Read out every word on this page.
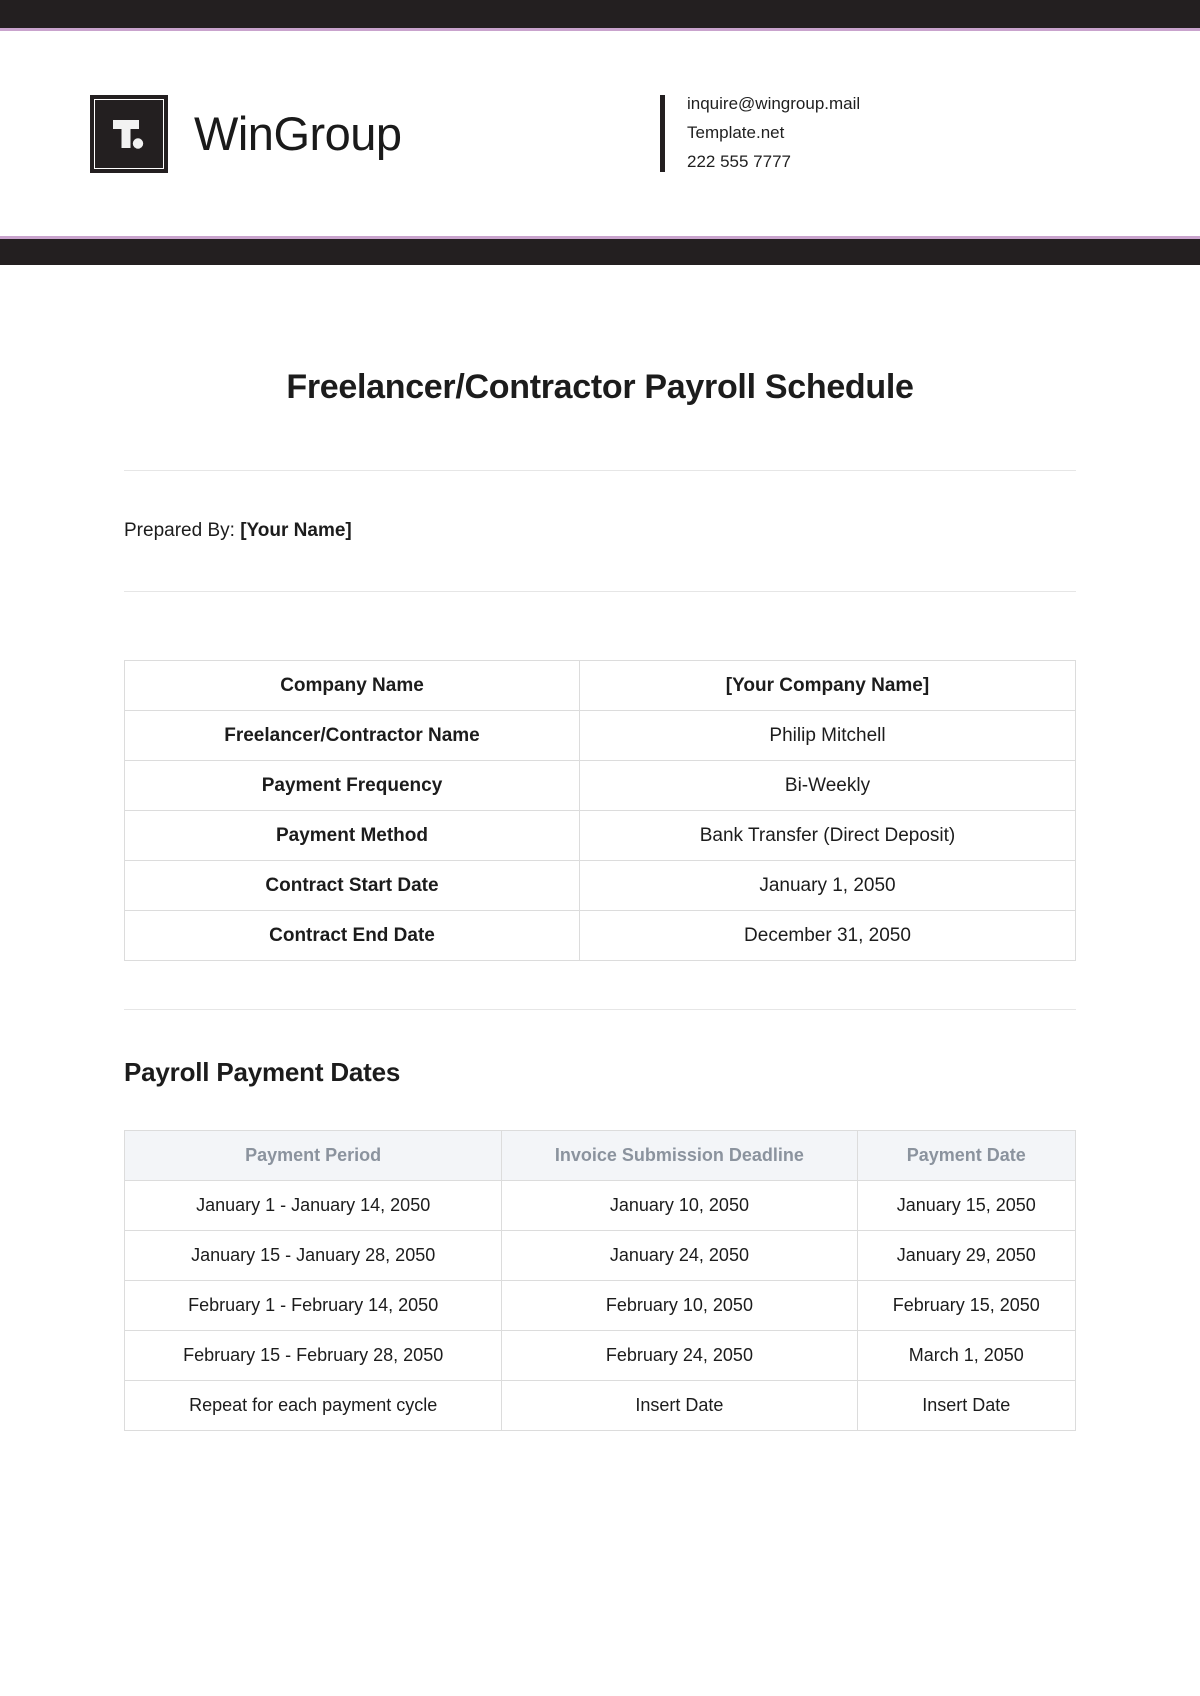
WinGroup
inquire@wingroup.mail
Template.net
222 555 7777
Freelancer/Contractor Payroll Schedule
Prepared By: [Your Name]
Company Name	[Your Company Name]
Freelancer/Contractor Name	Philip Mitchell
Payment Frequency	Bi-Weekly
Payment Method	Bank Transfer (Direct Deposit)
Contract Start Date	January 1, 2050
Contract End Date	December 31, 2050
Payroll Payment Dates
Payment Period	Invoice Submission Deadline	Payment Date
January 1 - January 14, 2050	January 10, 2050	January 15, 2050
January 15 - January 28, 2050	January 24, 2050	January 29, 2050
February 1 - February 14, 2050	February 10, 2050	February 15, 2050
February 15 - February 28, 2050	February 24, 2050	March 1, 2050
Repeat for each payment cycle	Insert Date	Insert Date
